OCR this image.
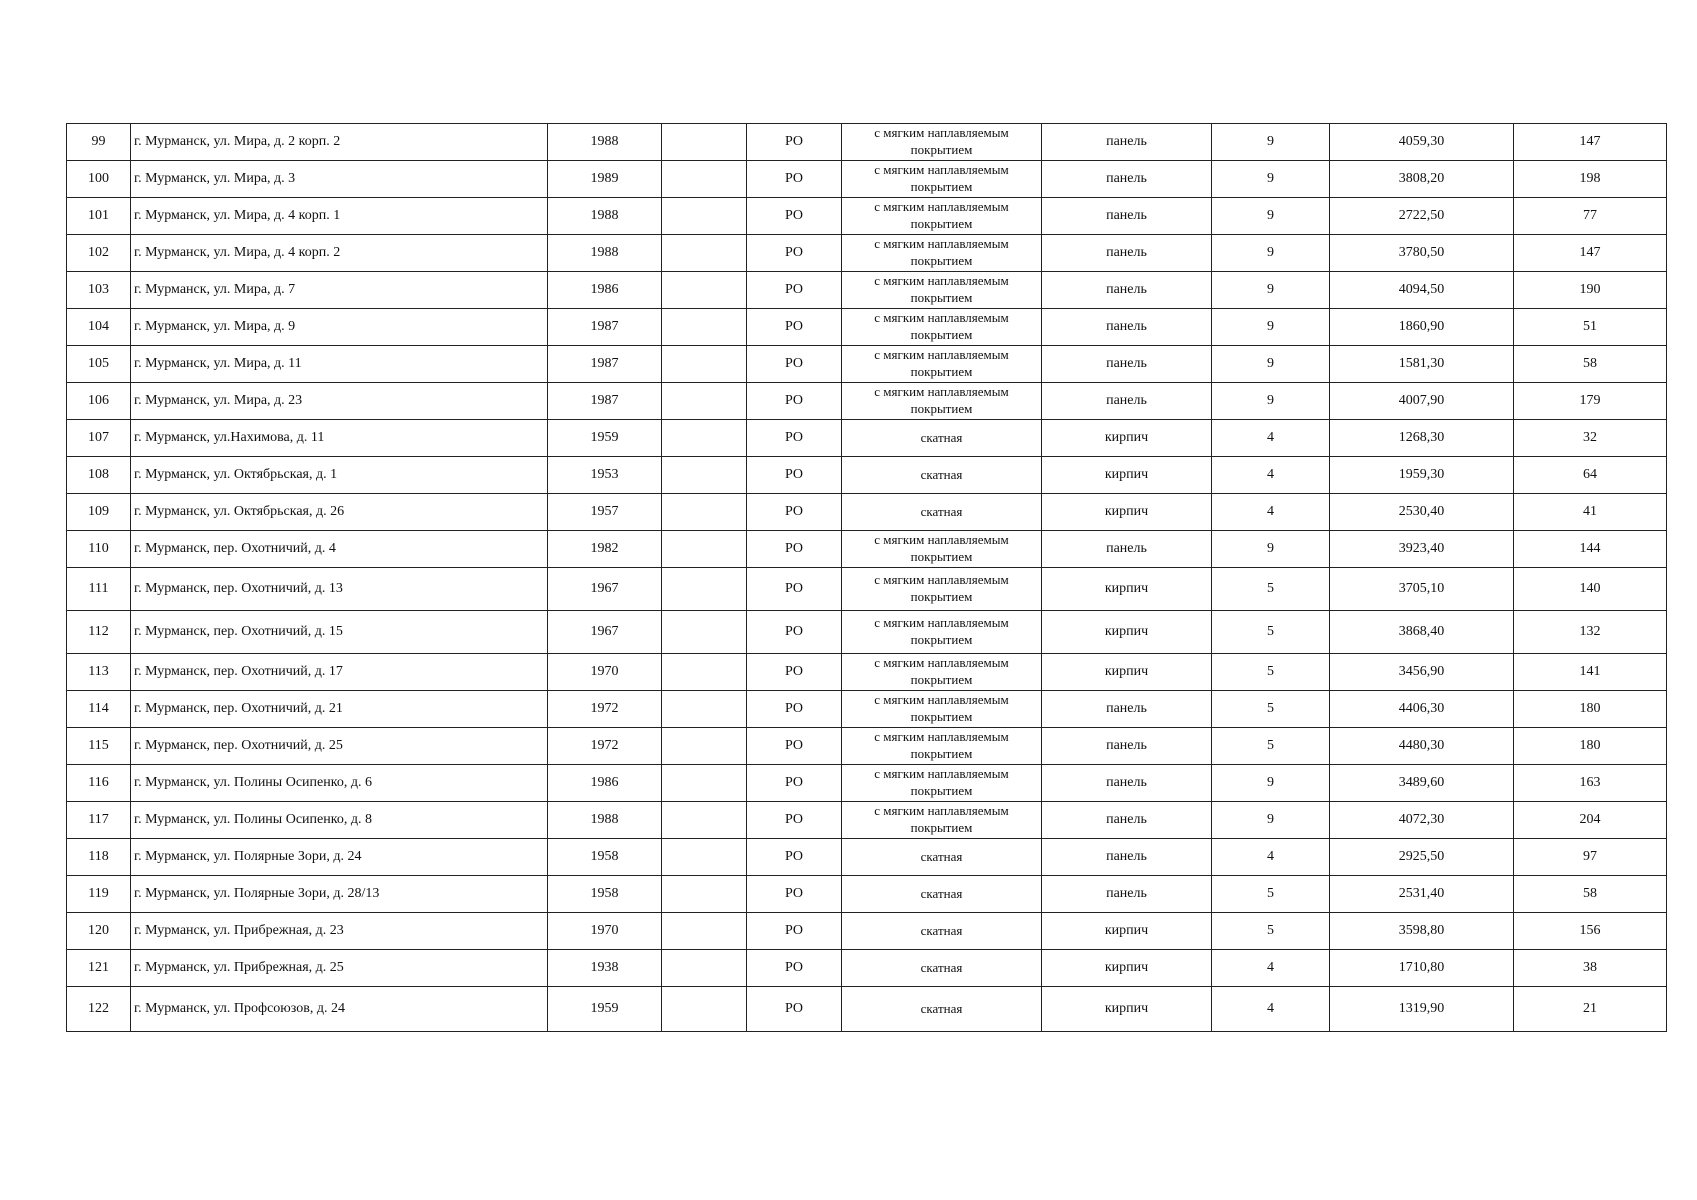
99	г. Мурманск, ул. Мира, д. 2 корп. 2	1988		РО	с мягким наплавляемым покрытием	панель	9	4059,30	147
100	г. Мурманск, ул. Мира, д. 3	1989		РО	с мягким наплавляемым покрытием	панель	9	3808,20	198
101	г. Мурманск, ул. Мира, д. 4 корп. 1	1988		РО	с мягким наплавляемым покрытием	панель	9	2722,50	77
102	г. Мурманск, ул. Мира, д. 4 корп. 2	1988		РО	с мягким наплавляемым покрытием	панель	9	3780,50	147
103	г. Мурманск, ул. Мира, д. 7	1986		РО	с мягким наплавляемым покрытием	панель	9	4094,50	190
104	г. Мурманск, ул. Мира, д. 9	1987		РО	с мягким наплавляемым покрытием	панель	9	1860,90	51
105	г. Мурманск, ул. Мира, д. 11	1987		РО	с мягким наплавляемым покрытием	панель	9	1581,30	58
106	г. Мурманск, ул. Мира, д. 23	1987		РО	с мягким наплавляемым покрытием	панель	9	4007,90	179
107	г. Мурманск, ул.Нахимова, д. 11	1959		РО	скатная	кирпич	4	1268,30	32
108	г. Мурманск, ул. Октябрьская, д. 1	1953		РО	скатная	кирпич	4	1959,30	64
109	г. Мурманск, ул. Октябрьская, д. 26	1957		РО	скатная	кирпич	4	2530,40	41
110	г. Мурманск, пер. Охотничий, д. 4	1982		РО	с мягким наплавляемым покрытием	панель	9	3923,40	144
111	г. Мурманск, пер. Охотничий, д. 13	1967		РО	с мягким наплавляемым покрытием	кирпич	5	3705,10	140
112	г. Мурманск, пер. Охотничий, д. 15	1967		РО	с мягким наплавляемым покрытием	кирпич	5	3868,40	132
113	г. Мурманск, пер. Охотничий, д. 17	1970		РО	с мягким наплавляемым покрытием	кирпич	5	3456,90	141
114	г. Мурманск, пер. Охотничий, д. 21	1972		РО	с мягким наплавляемым покрытием	панель	5	4406,30	180
115	г. Мурманск, пер. Охотничий, д. 25	1972		РО	с мягким наплавляемым покрытием	панель	5	4480,30	180
116	г. Мурманск, ул. Полины Осипенко, д. 6	1986		РО	с мягким наплавляемым покрытием	панель	9	3489,60	163
117	г. Мурманск, ул. Полины Осипенко, д. 8	1988		РО	с мягким наплавляемым покрытием	панель	9	4072,30	204
118	г. Мурманск, ул. Полярные Зори, д. 24	1958		РО	скатная	панель	4	2925,50	97
119	г. Мурманск, ул. Полярные Зори, д. 28/13	1958		РО	скатная	панель	5	2531,40	58
120	г. Мурманск, ул. Прибрежная, д. 23	1970		РО	скатная	кирпич	5	3598,80	156
121	г. Мурманск, ул. Прибрежная, д. 25	1938		РО	скатная	кирпич	4	1710,80	38
122	г. Мурманск, ул. Профсоюзов, д. 24	1959		РО	скатная	кирпич	4	1319,90	21
